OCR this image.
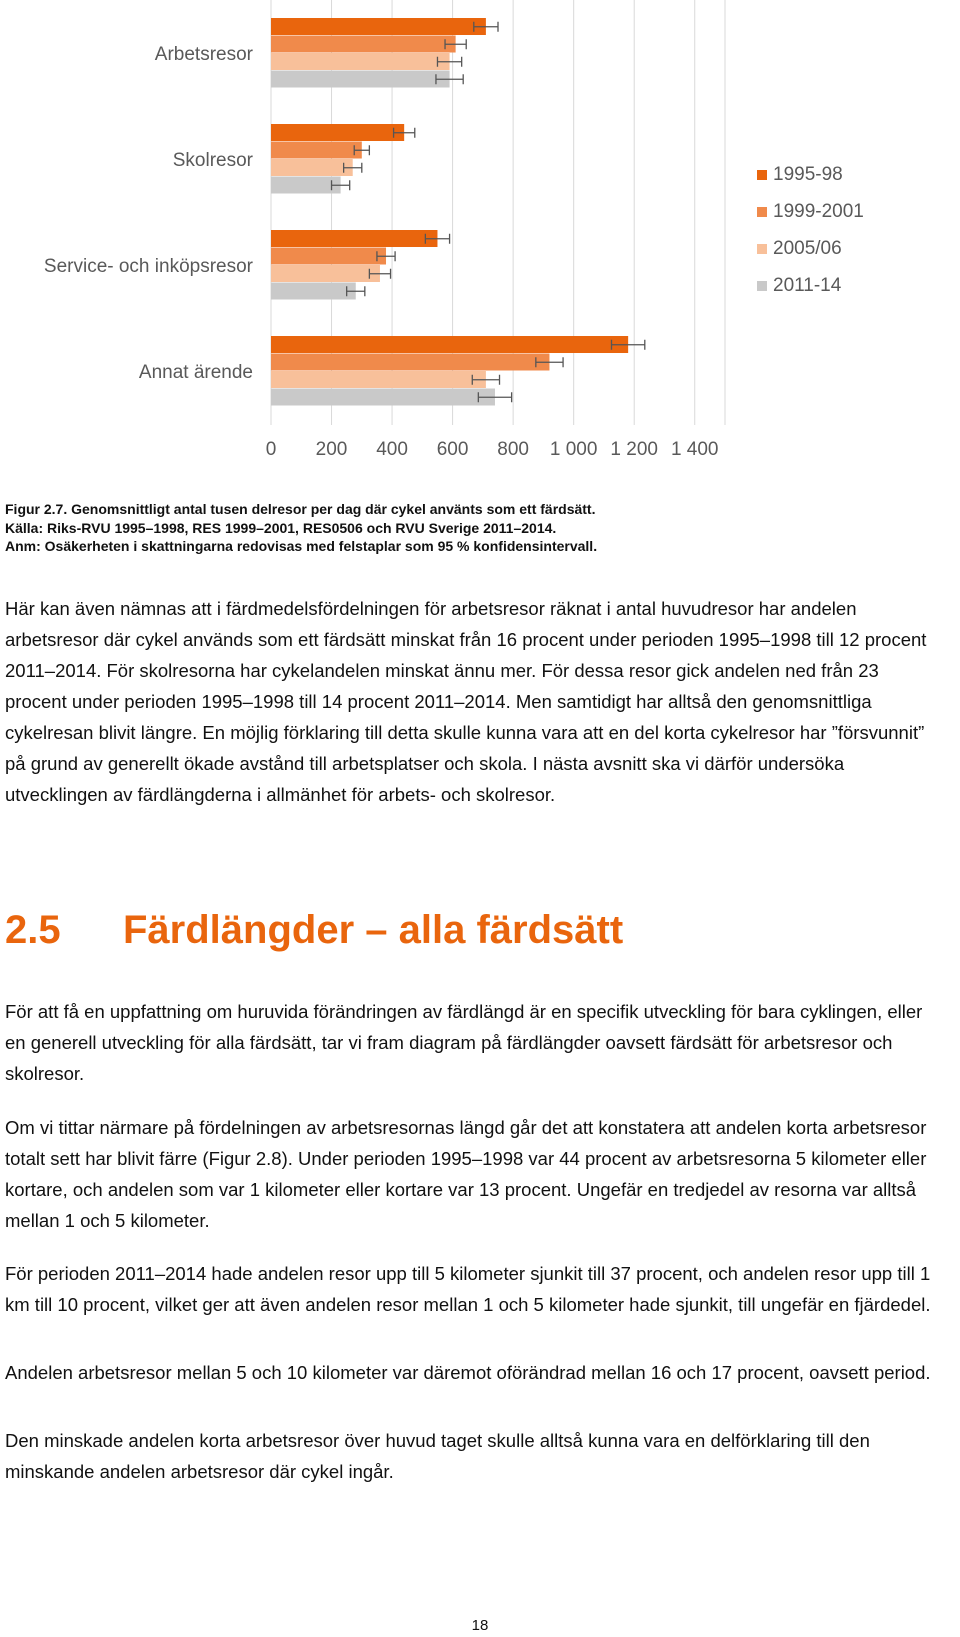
0 200 400 600 800 1 000 1 200 1 400
Arbetsresor
Skolresor
Service- och inköpsresor
Annat ärende
1995-98
1999-2001
2005/06
2011-14
Figur 2.7. Genomsnittligt antal tusen delresor per dag där cykel använts som ett färdsätt.
Källa: Riks-RVU 1995–1998, RES 1999–2001, RES0506 och RVU Sverige 2011–2014.
Anm: Osäkerheten i skattningarna redovisas med felstaplar som 95 % konfidensintervall.

Här kan även nämnas att i färdmedelsfördelningen för arbetsresor räknat i antal huvudresor har andelen arbetsresor där cykel används som ett färdsätt minskat från 16 procent under perioden 1995–1998 till 12 procent 2011–2014. För skolresorna har cykelandelen minskat ännu mer. För dessa resor gick andelen ned från 23 procent under perioden 1995–1998 till 14 procent 2011–2014. Men samtidigt har alltså den genomsnittliga cykelresan blivit längre. En möjlig förklaring till detta skulle kunna vara att en del korta cykelresor har ”försvunnit” på grund av generellt ökade avstånd till arbetsplatser och skola. I nästa avsnitt ska vi därför undersöka utvecklingen av färdlängderna i allmänhet för arbets- och skolresor.

2.5 Färdlängder – alla färdsätt

För att få en uppfattning om huruvida förändringen av färdlängd är en specifik utveckling för bara cyklingen, eller en generell utveckling för alla färdsätt, tar vi fram diagram på färdlängder oavsett färdsätt för arbetsresor och skolresor.

Om vi tittar närmare på fördelningen av arbetsresornas längd går det att konstatera att andelen korta arbetsresor totalt sett har blivit färre (Figur 2.8). Under perioden 1995–1998 var 44 procent av arbetsresorna 5 kilometer eller kortare, och andelen som var 1 kilometer eller kortare var 13 procent. Ungefär en tredjedel av resorna var alltså mellan 1 och 5 kilometer.

För perioden 2011–2014 hade andelen resor upp till 5 kilometer sjunkit till 37 procent, och andelen resor upp till 1 km till 10 procent, vilket ger att även andelen resor mellan 1 och 5 kilometer hade sjunkit, till ungefär en fjärdedel.

Andelen arbetsresor mellan 5 och 10 kilometer var däremot oförändrad mellan 16 och 17 procent, oavsett period.

Den minskade andelen korta arbetsresor över huvud taget skulle alltså kunna vara en delförklaring till den minskande andelen arbetsresor där cykel ingår.

18
